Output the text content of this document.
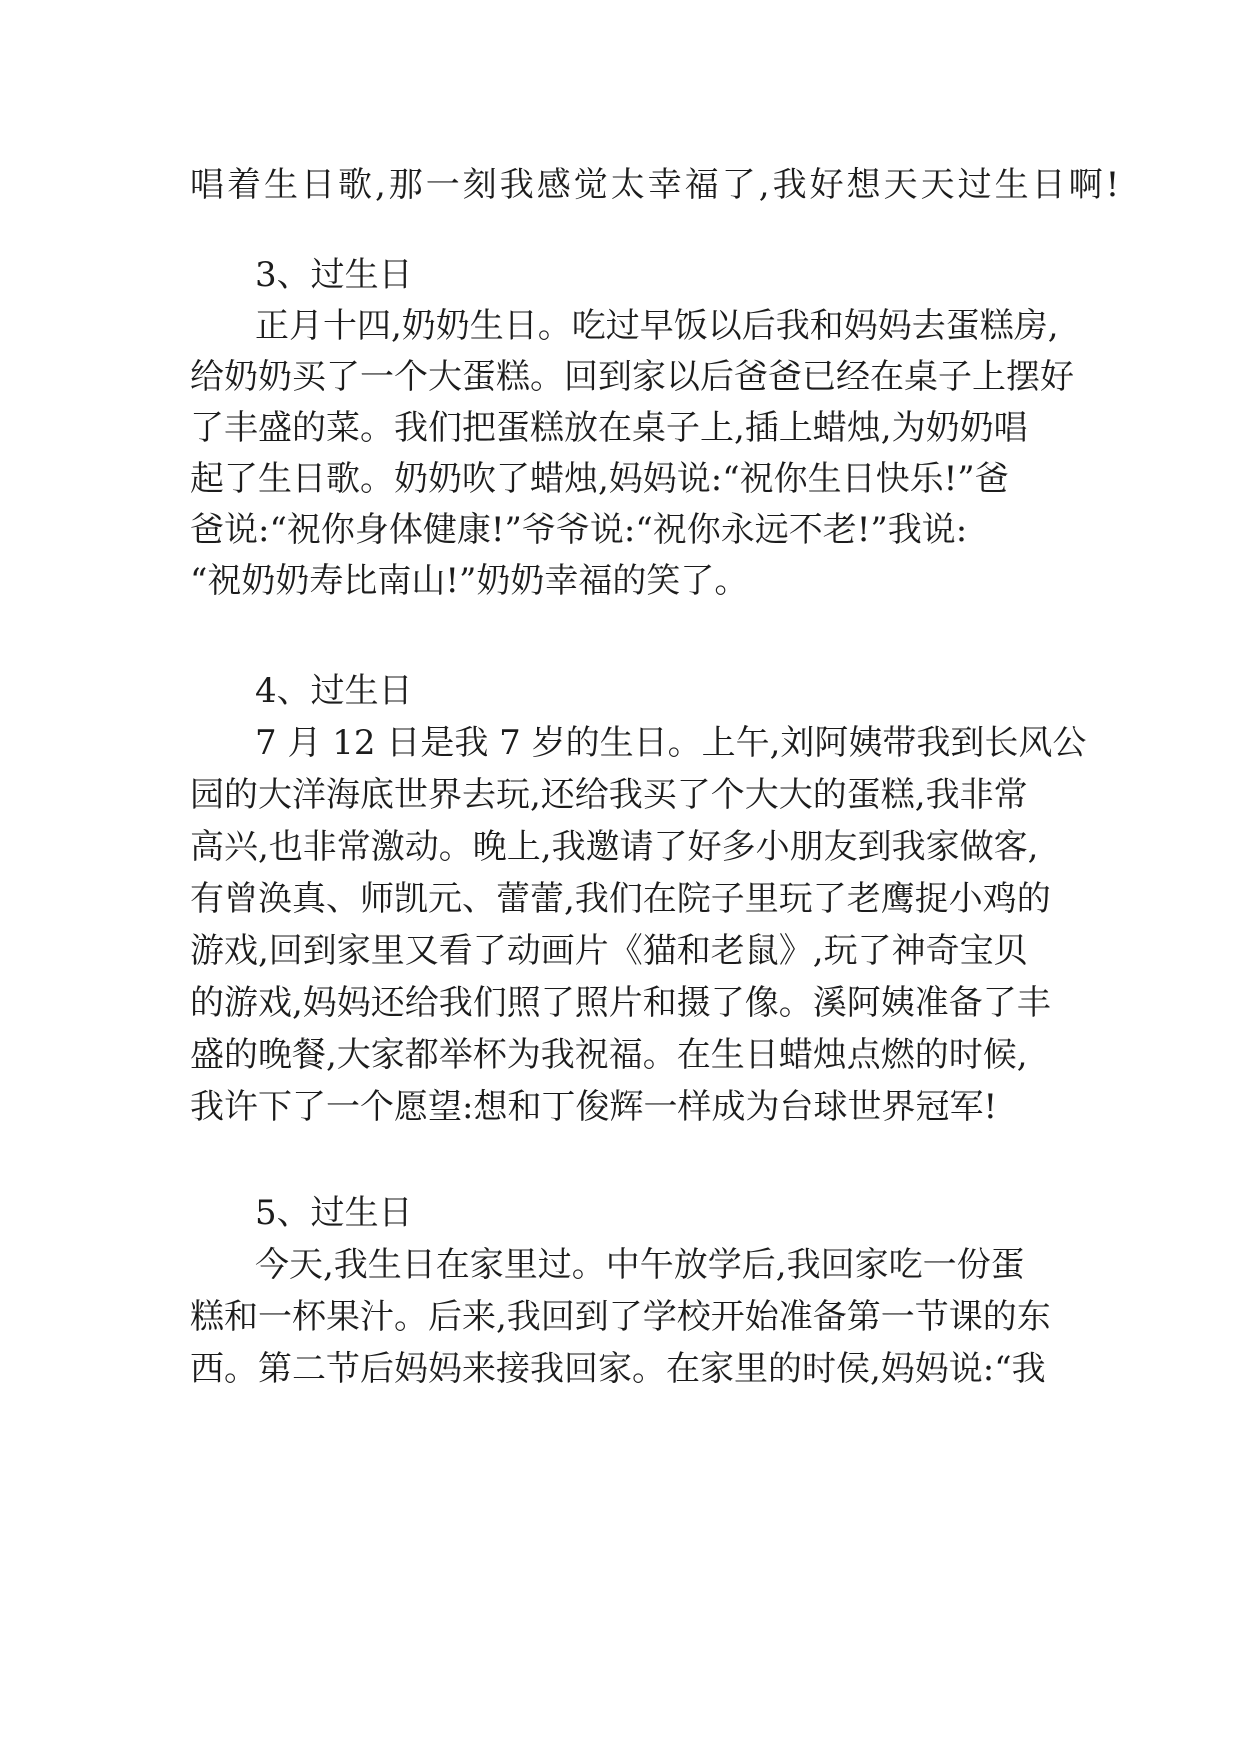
唱着生日歌,那一刻我感觉太幸福了,我好想天天过生日啊!
3、过生日
正月十四,奶奶生日。吃过早饭以后我和妈妈去蛋糕房,
给奶奶买了一个大蛋糕。回到家以后爸爸已经在桌子上摆好
了丰盛的菜。我们把蛋糕放在桌子上,插上蜡烛,为奶奶唱
起了生日歌。奶奶吹了蜡烛,妈妈说:“祝你生日快乐!”爸
爸说:“祝你身体健康!”爷爷说:“祝你永远不老!”我说:
“祝奶奶寿比南山!”奶奶幸福的笑了。
4、过生日
7 月 12 日是我 7 岁的生日。上午,刘阿姨带我到长风公
园的大洋海底世界去玩,还给我买了个大大的蛋糕,我非常
高兴,也非常激动。晚上,我邀请了好多小朋友到我家做客,
有曾涣真、师凯元、蕾蕾,我们在院子里玩了老鹰捉小鸡的
游戏,回到家里又看了动画片《猫和老鼠》,玩了神奇宝贝
的游戏,妈妈还给我们照了照片和摄了像。溪阿姨准备了丰
盛的晚餐,大家都举杯为我祝福。在生日蜡烛点燃的时候,
我许下了一个愿望:想和丁俊辉一样成为台球世界冠军!
5、过生日
今天,我生日在家里过。中午放学后,我回家吃一份蛋
糕和一杯果汁。后来,我回到了学校开始准备第一节课的东
西。第二节后妈妈来接我回家。在家里的时侯,妈妈说:“我
